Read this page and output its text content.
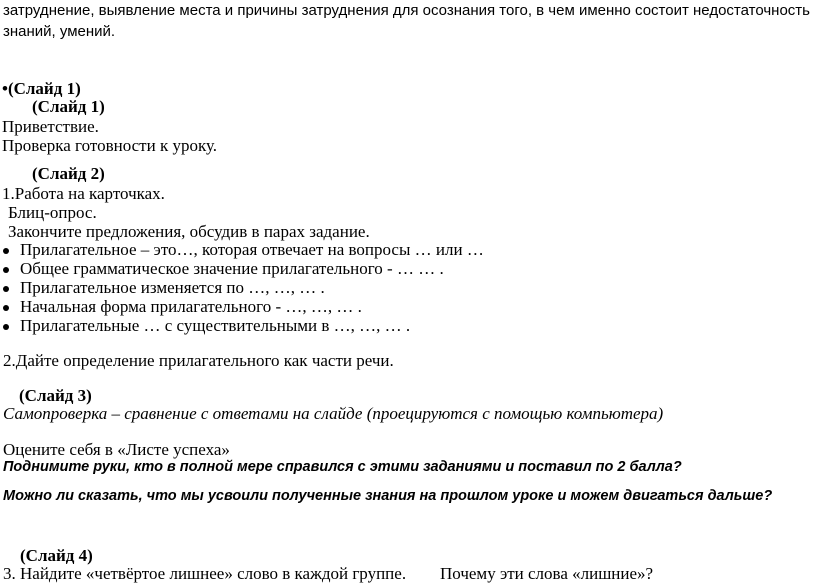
затруднение, выявление места и причины затруднения для осознания того, в чем именно состоит недостаточность
знаний, умений.
•(Слайд 1)
(Слайд 1)
Приветствие.
Проверка готовности к уроку.
(Слайд 2)
1.Работа на карточках.
Блиц-опрос.
Закончите предложения, обсудив в парах задание.
Прилагательное – это…, которая отвечает на вопросы … или …
Общее грамматическое значение прилагательного - … … .
Прилагательное изменяется по …, …, … .
Начальная форма прилагательного - …, …, … .
Прилагательные … с существительными в …, …, … .
2.Дайте определение прилагательного как части речи.
(Слайд 3)
Самопроверка – сравнение с ответами на слайде (проецируются с помощью компьютера)
Оцените себя в «Листе успеха»
Поднимите руки, кто в полной мере справился с этими заданиями и поставил по 2 балла?
Можно ли сказать, что мы усвоили полученные знания на прошлом уроке и можем двигаться дальше?
(Слайд 4)
3. Найдите «четвёртое лишнее» слово в каждой группе. Почему эти слова «лишние»?
